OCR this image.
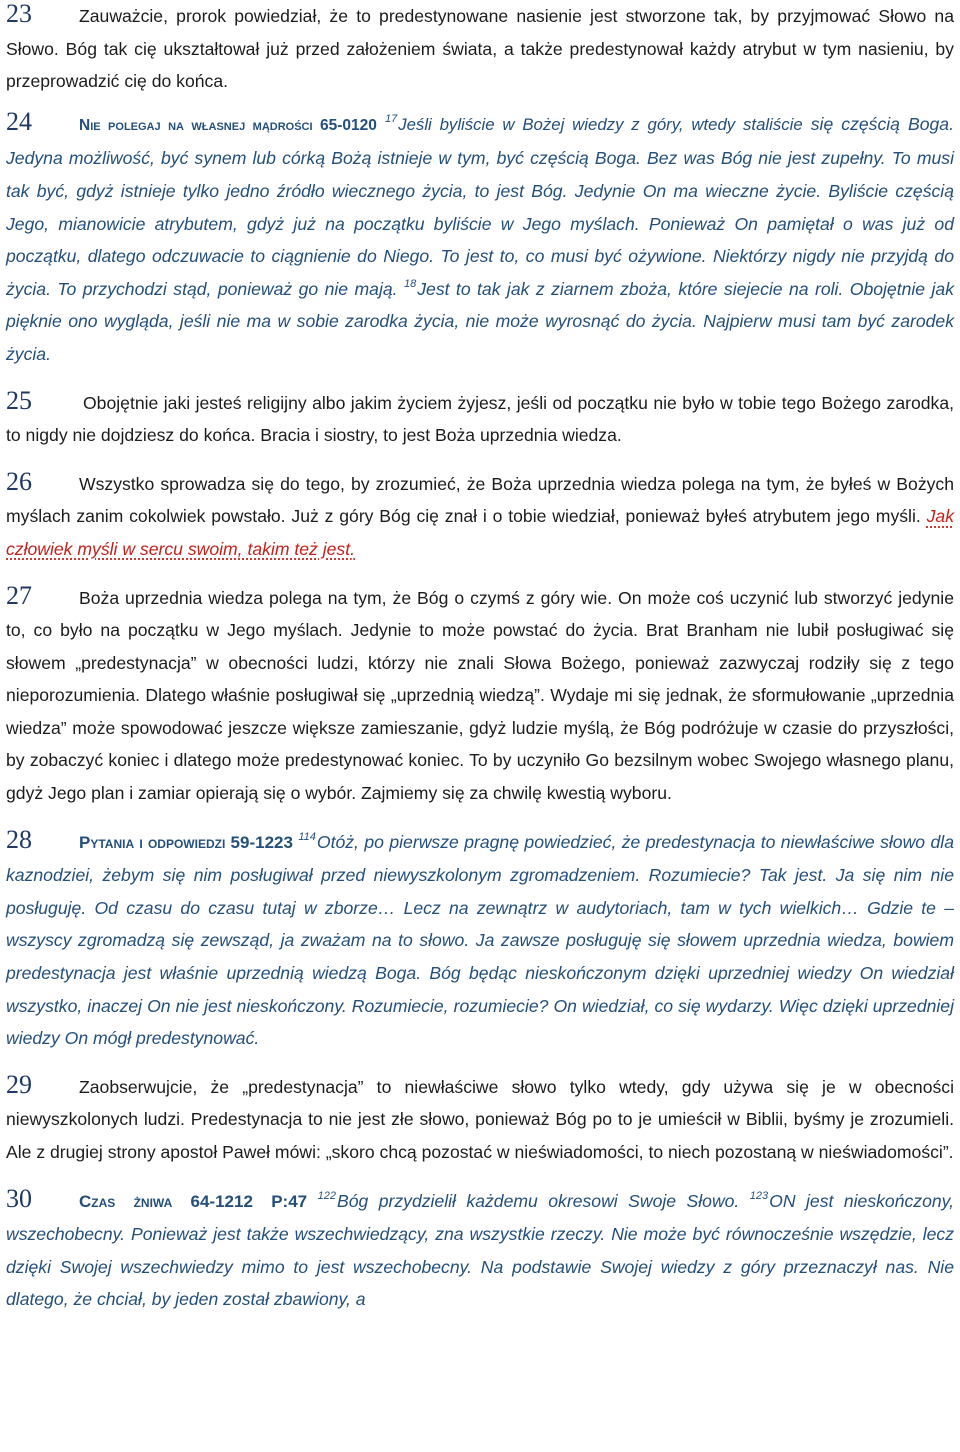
23	Zauważcie, prorok powiedział, że to predestynowane nasienie jest stworzone tak, by przyjmować Słowo na Słowo. Bóg tak cię ukształtował już przed założeniem świata, a także predestynował każdy atrybut w tym nasieniu, by przeprowadzić cię do końca.

24	Nie polegaj na własnej mądrości 65-0120 $^{17}$Jeśli byliście w Bożej wiedzy z góry, wtedy staliście się częścią Boga. Jedyna możliwość, być synem lub córką Bożą istnieje w tym, być częścią Boga. Bez was Bóg nie jest zupełny. To musi tak być, gdyż istnieje tylko jedno źródło wiecznego życia, to jest Bóg. Jedynie On ma wieczne życie. Byliście częścią Jego, mianowicie atrybutem, gdyż już na początku byliście w Jego myślach. Ponieważ On pamiętał o was już od początku, dlatego odczuwacie to ciągnienie do Niego. To jest to, co musi być ożywione. Niektórzy nigdy nie przyjdą do życia. To przychodzi stąd, ponieważ go nie mają. $^{18}$Jest to tak jak z ziarnem zboża, które siejecie na roli. Obojętnie jak pięknie ono wygląda, jeśli nie ma w sobie zarodka życia, nie może wyrosnąć do życia. Najpierw musi tam być zarodek życia.

25	Obojętnie jaki jesteś religijny albo jakim życiem żyjesz, jeśli od początku nie było w tobie tego Bożego zarodka, to nigdy nie dojdziesz do końca. Bracia i siostry, to jest Boża uprzednia wiedza.

26	Wszystko sprowadza się do tego, by zrozumieć, że Boża uprzednia wiedza polega na tym, że byłeś w Bożych myślach zanim cokolwiek powstało. Już z góry Bóg cię znał i o tobie wiedział, ponieważ byłeś atrybutem jego myśli. Jak człowiek myśli w sercu swoim, takim też jest.

27	Boża uprzednia wiedza polega na tym, że Bóg o czymś z góry wie. On może coś uczynić lub stworzyć jedynie to, co było na początku w Jego myślach. Jedynie to może powstać do życia. Brat Branham nie lubił posługiwać się słowem „predestynacja” w obecności ludzi, którzy nie znali Słowa Bożego, ponieważ zazwyczaj rodziły się z tego nieporozumienia. Dlatego właśnie posługiwał się „uprzednią wiedzą”. Wydaje mi się jednak, że sformułowanie „uprzednia wiedza” może spowodować jeszcze większe zamieszanie, gdyż ludzie myślą, że Bóg podróżuje w czasie do przyszłości, by zobaczyć koniec i dlatego może predestynować koniec. To by uczyniło Go bezsilnym wobec Swojego własnego planu, gdyż Jego plan i zamiar opierają się o wybór. Zajmiemy się za chwilę kwestią wyboru.

28	Pytania i odpowiedzi 59-1223 $^{114}$Otóż, po pierwsze pragnę powiedzieć, że predestynacja to niewłaściwe słowo dla kaznodziei, żebym się nim posługiwał przed niewyszkolonym zgromadzeniem. Rozumiecie? Tak jest. Ja się nim nie posługuję. Od czasu do czasu tutaj w zborze… Lecz na zewnątrz w audytoriach, tam w tych wielkich… Gdzie te – wszyscy zgromadzą się zewsząd, ja zważam na to słowo. Ja zawsze posługuję się słowem uprzednia wiedza, bowiem predestynacja jest właśnie uprzednią wiedzą Boga. Bóg będąc nieskończonym dzięki uprzedniej wiedzy On wiedział wszystko, inaczej On nie jest nieskończony. Rozumiecie, rozumiecie? On wiedział, co się wydarzy. Więc dzięki uprzedniej wiedzy On mógł predestynować.

29	Zaobserwujcie, że „predestynacja” to niewłaściwe słowo tylko wtedy, gdy używa się je w obecności niewyszkolonych ludzi. Predestynacja to nie jest złe słowo, ponieważ Bóg po to je umieścił w Biblii, byśmy je zrozumieli. Ale z drugiej strony apostoł Paweł mówi: „skoro chcą pozostać w nieświadomości, to niech pozostaną w nieświadomości”.

30	Czas żniwa 64-1212 P:47 $^{122}$Bóg przydzielił każdemu okresowi Swoje Słowo. $^{123}$ON jest nieskończony, wszechobecny. Ponieważ jest także wszechwiedzący, zna wszystkie rzeczy. Nie może być równocześnie wszędzie, lecz dzięki Swojej wszechwiedzy mimo to jest wszechobecny. Na podstawie Swojej wiedzy z góry przeznaczył nas. Nie dlatego, że chciał, by jeden został zbawiony, a
